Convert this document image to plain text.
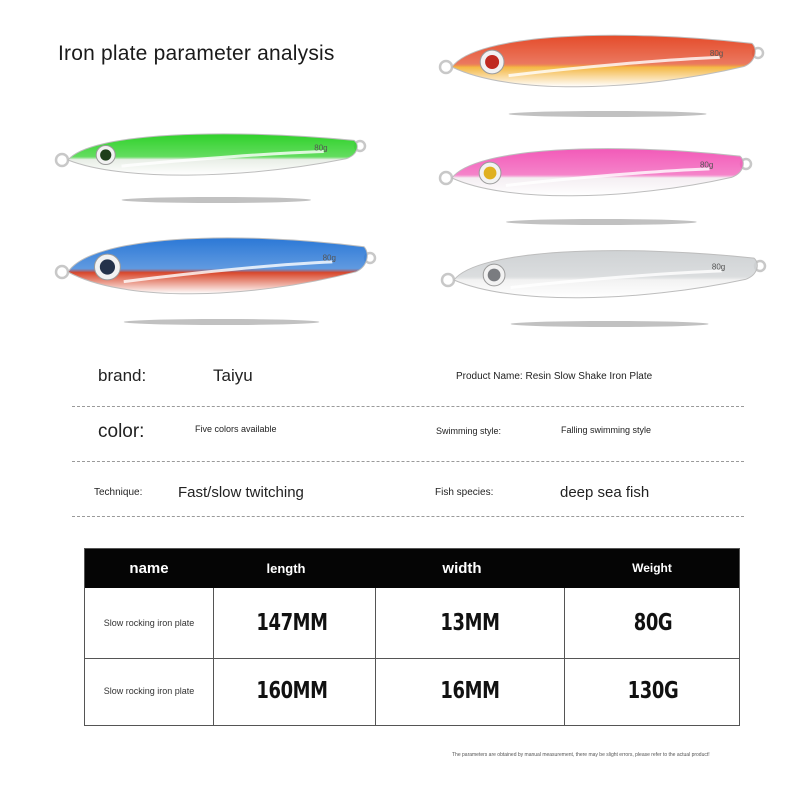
Iron plate parameter analysis
80g
80g
80g
80g
80g
brand:	Taiyu	Product Name: Resin Slow Shake Iron Plate
color:	Five colors available	Swimming style:	Falling swimming style
Technique: Fast/slow twitching	Fish species:	deep sea fish
name	length	width	Weight
Slow rocking iron plate	147MM	13MM	80G
Slow rocking iron plate	160MM	16MM	130G
The parameters are obtained by manual measurement, there may be slight errors, please refer to the actual product!
